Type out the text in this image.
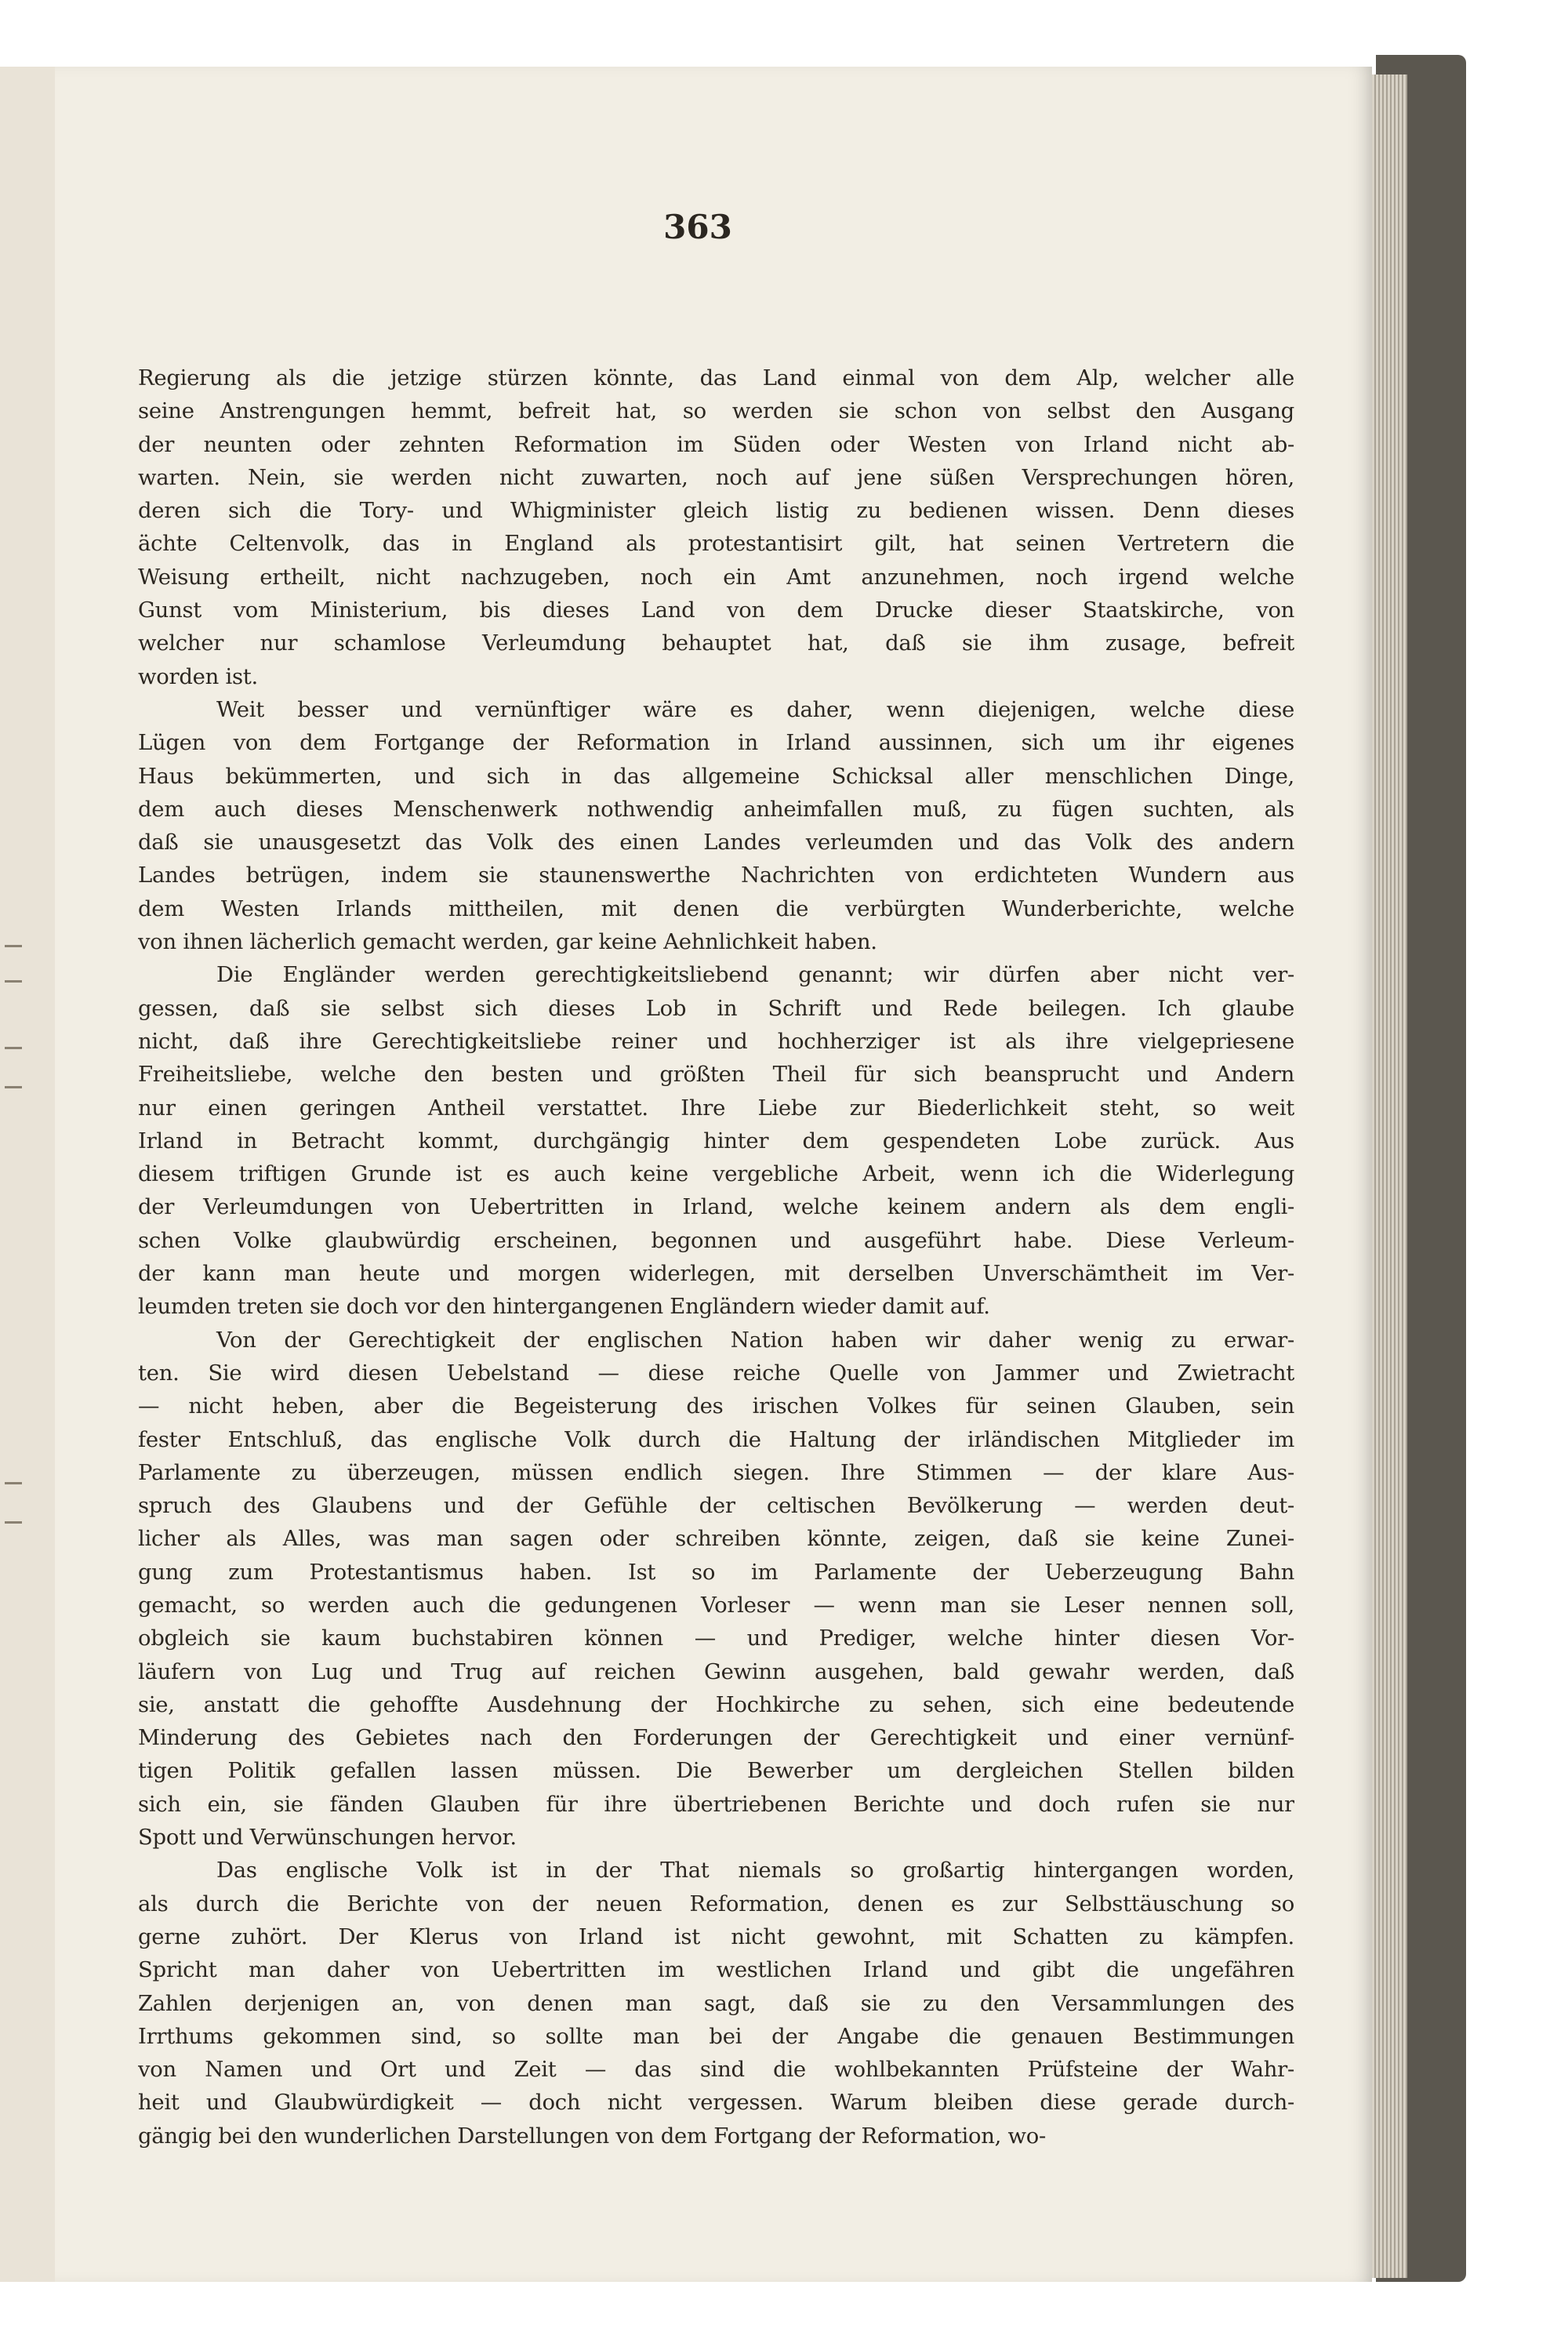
363
Regierung als die jetzige stürzen könnte, das Land einmal von dem Alp, welcher alle
seine Anstrengungen hemmt, befreit hat, so werden sie schon von selbst den Ausgang
der neunten oder zehnten Reformation im Süden oder Westen von Irland nicht ab-
warten. Nein, sie werden nicht zuwarten, noch auf jene süßen Versprechungen hören,
deren sich die Tory- und Whigminister gleich listig zu bedienen wissen. Denn dieses
ächte Celtenvolk, das in England als protestantisirt gilt, hat seinen Vertretern die
Weisung ertheilt, nicht nachzugeben, noch ein Amt anzunehmen, noch irgend welche
Gunst vom Ministerium, bis dieses Land von dem Drucke dieser Staatskirche, von
welcher nur schamlose Verleumdung behauptet hat, daß sie ihm zusage, befreit
worden ist.
Weit besser und vernünftiger wäre es daher, wenn diejenigen, welche diese
Lügen von dem Fortgange der Reformation in Irland aussinnen, sich um ihr eigenes
Haus bekümmerten, und sich in das allgemeine Schicksal aller menschlichen Dinge,
dem auch dieses Menschenwerk nothwendig anheimfallen muß, zu fügen suchten, als
daß sie unausgesetzt das Volk des einen Landes verleumden und das Volk des andern
Landes betrügen, indem sie staunenswerthe Nachrichten von erdichteten Wundern aus
dem Westen Irlands mittheilen, mit denen die verbürgten Wunderberichte, welche
von ihnen lächerlich gemacht werden, gar keine Aehnlichkeit haben.
Die Engländer werden gerechtigkeitsliebend genannt; wir dürfen aber nicht ver-
gessen, daß sie selbst sich dieses Lob in Schrift und Rede beilegen. Ich glaube
nicht, daß ihre Gerechtigkeitsliebe reiner und hochherziger ist als ihre vielgepriesene
Freiheitsliebe, welche den besten und größten Theil für sich beansprucht und Andern
nur einen geringen Antheil verstattet. Ihre Liebe zur Biederlichkeit steht, so weit
Irland in Betracht kommt, durchgängig hinter dem gespendeten Lobe zurück. Aus
diesem triftigen Grunde ist es auch keine vergebliche Arbeit, wenn ich die Widerlegung
der Verleumdungen von Uebertritten in Irland, welche keinem andern als dem engli-
schen Volke glaubwürdig erscheinen, begonnen und ausgeführt habe. Diese Verleum-
der kann man heute und morgen widerlegen, mit derselben Unverschämtheit im Ver-
leumden treten sie doch vor den hintergangenen Engländern wieder damit auf.
Von der Gerechtigkeit der englischen Nation haben wir daher wenig zu erwar-
ten. Sie wird diesen Uebelstand — diese reiche Quelle von Jammer und Zwietracht
— nicht heben, aber die Begeisterung des irischen Volkes für seinen Glauben, sein
fester Entschluß, das englische Volk durch die Haltung der irländischen Mitglieder im
Parlamente zu überzeugen, müssen endlich siegen. Ihre Stimmen — der klare Aus-
spruch des Glaubens und der Gefühle der celtischen Bevölkerung — werden deut-
licher als Alles, was man sagen oder schreiben könnte, zeigen, daß sie keine Zunei-
gung zum Protestantismus haben. Ist so im Parlamente der Ueberzeugung Bahn
gemacht, so werden auch die gedungenen Vorleser — wenn man sie Leser nennen soll,
obgleich sie kaum buchstabiren können — und Prediger, welche hinter diesen Vor-
läufern von Lug und Trug auf reichen Gewinn ausgehen, bald gewahr werden, daß
sie, anstatt die gehoffte Ausdehnung der Hochkirche zu sehen, sich eine bedeutende
Minderung des Gebietes nach den Forderungen der Gerechtigkeit und einer vernünf-
tigen Politik gefallen lassen müssen. Die Bewerber um dergleichen Stellen bilden
sich ein, sie fänden Glauben für ihre übertriebenen Berichte und doch rufen sie nur
Spott und Verwünschungen hervor.
Das englische Volk ist in der That niemals so großartig hintergangen worden,
als durch die Berichte von der neuen Reformation, denen es zur Selbsttäuschung so
gerne zuhört. Der Klerus von Irland ist nicht gewohnt, mit Schatten zu kämpfen.
Spricht man daher von Uebertritten im westlichen Irland und gibt die ungefähren
Zahlen derjenigen an, von denen man sagt, daß sie zu den Versammlungen des
Irrthums gekommen sind, so sollte man bei der Angabe die genauen Bestimmungen
von Namen und Ort und Zeit — das sind die wohlbekannten Prüfsteine der Wahr-
heit und Glaubwürdigkeit — doch nicht vergessen. Warum bleiben diese gerade durch-
gängig bei den wunderlichen Darstellungen von dem Fortgang der Reformation, wo-
